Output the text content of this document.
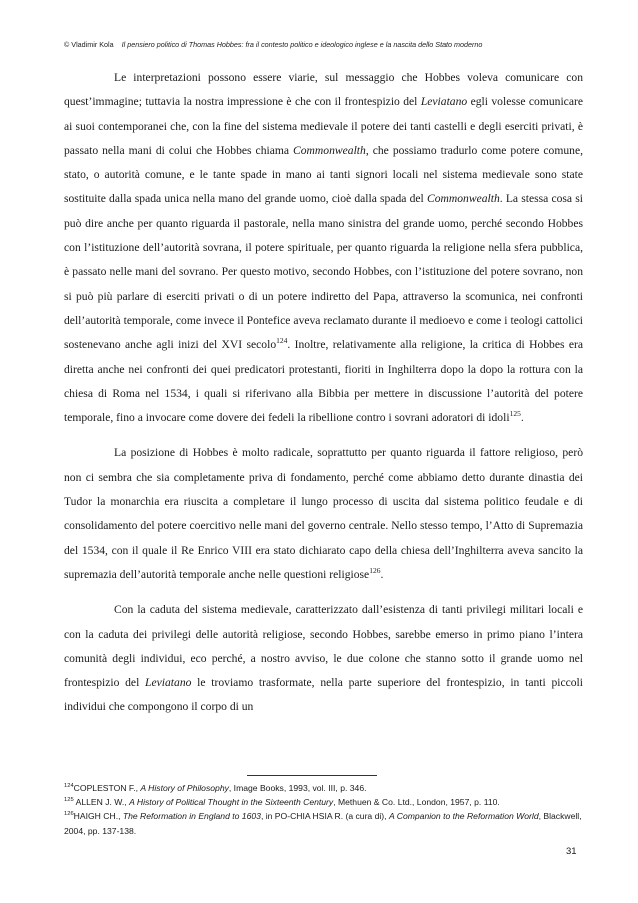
© Vladimir Kola Il pensiero politico di Thomas Hobbes: fra il contesto politico e ideologico inglese e la nascita dello Stato moderno

Le interpretazioni possono essere viarie, sul messaggio che Hobbes voleva comunicare con quest’immagine; tuttavia la nostra impressione è che con il frontespizio del Leviatano egli volesse comunicare ai suoi contemporanei che, con la fine del sistema medievale il potere dei tanti castelli e degli eserciti privati, è passato nella mani di colui che Hobbes chiama Commonwealth, che possiamo tradurlo come potere comune, stato, o autorità comune, e le tante spade in mano ai tanti signori locali nel sistema medievale sono state sostituite dalla spada unica nella mano del grande uomo, cioè dalla spada del Commonwealth. La stessa cosa si può dire anche per quanto riguarda il pastorale, nella mano sinistra del grande uomo, perché secondo Hobbes con l’istituzione dell’autorità sovrana, il potere spirituale, per quanto riguarda la religione nella sfera pubblica, è passato nelle mani del sovrano. Per questo motivo, secondo Hobbes, con l’istituzione del potere sovrano, non si può più parlare di eserciti privati o di un potere indiretto del Papa, attraverso la scomunica, nei confronti dell’autorità temporale, come invece il Pontefice aveva reclamato durante il medioevo e come i teologi cattolici sostenevano anche agli inizi del XVI secolo$^{124}$. Inoltre, relativamente alla religione, la critica di Hobbes era diretta anche nei confronti dei quei predicatori protestanti, fioriti in Inghilterra dopo la dopo la rottura con la chiesa di Roma nel 1534, i quali si riferivano alla Bibbia per mettere in discussione l’autorità del potere temporale, fino a invocare come dovere dei fedeli la ribellione contro i sovrani adoratori di idoli$^{125}$.

La posizione di Hobbes è molto radicale, soprattutto per quanto riguarda il fattore religioso, però non ci sembra che sia completamente priva di fondamento, perché come abbiamo detto durante dinastia dei Tudor la monarchia era riuscita a completare il lungo processo di uscita dal sistema politico feudale e di consolidamento del potere coercitivo nelle mani del governo centrale. Nello stesso tempo, l’Atto di Supremazia del 1534, con il quale il Re Enrico VIII era stato dichiarato capo della chiesa dell’Inghilterra aveva sancito la supremazia dell’autorità temporale anche nelle questioni religiose$^{126}$.

Con la caduta del sistema medievale, caratterizzato dall’esistenza di tanti privilegi militari locali e con la caduta dei privilegi delle autorità religiose, secondo Hobbes, sarebbe emerso in primo piano l’intera comunità degli individui, eco perché, a nostro avviso, le due colone che stanno sotto il grande uomo nel frontespizio del Leviatano le troviamo trasformate, nella parte superiore del frontespizio, in tanti piccoli individui che compongono il corpo di un

$^{124}$COPLESTON F., A History of Philosophy, Image Books, 1993, vol. III, p. 346.

$^{125}$ ALLEN J. W., A History of Political Thought in the Sixteenth Century, Methuen & Co. Ltd., London, 1957, p. 110.

$^{126}$HAIGH CH., The Reformation in England to 1603, in PO-CHIA HSIA R. (a cura di), A Companion to the Reformation World, Blackwell, 2004, pp. 137-138.

31
